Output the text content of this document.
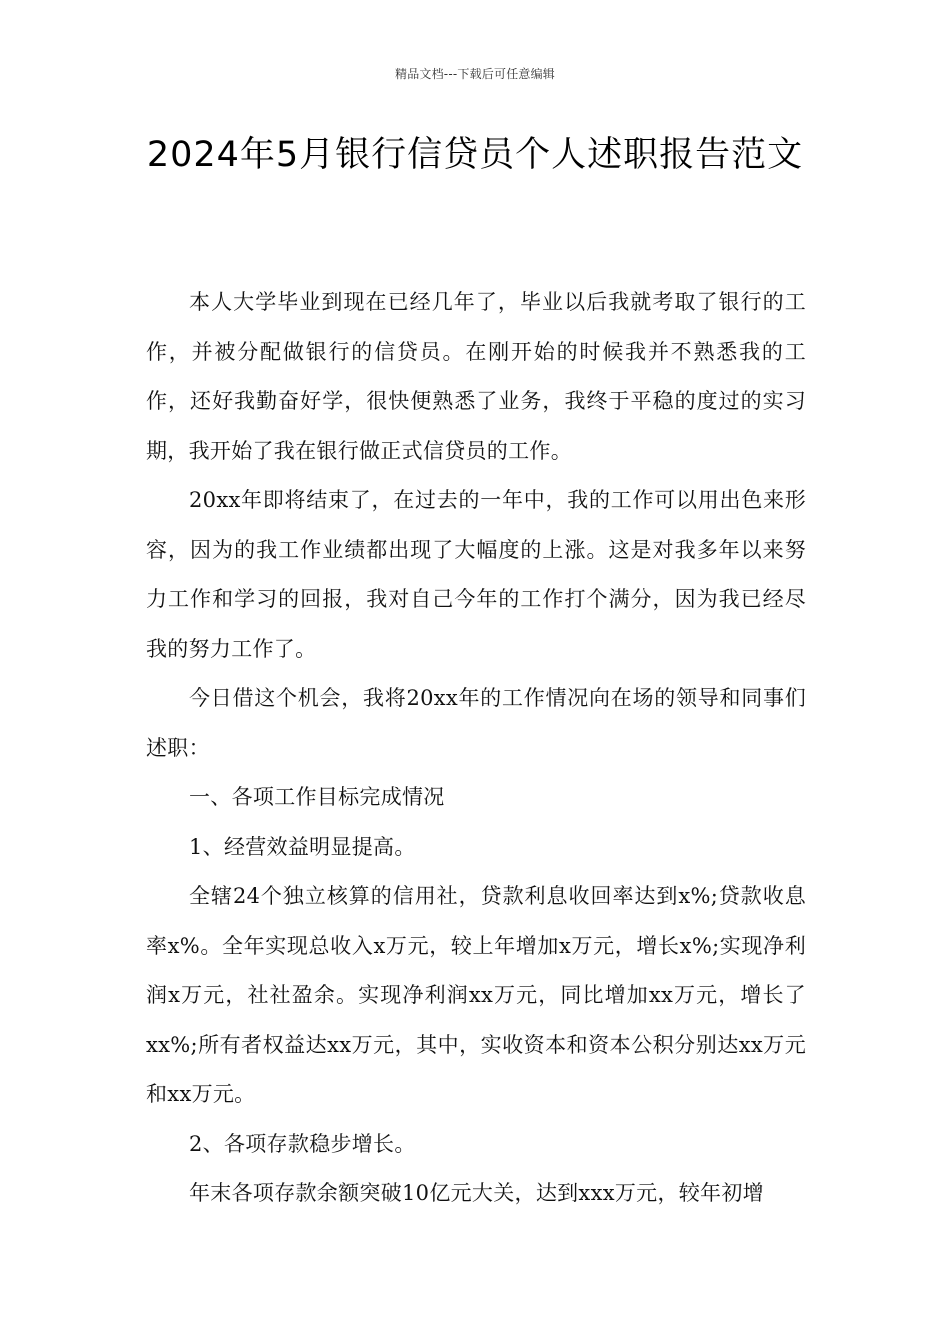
精品文档---下载后可任意编辑
2024年5月银行信贷员个人述职报告范文

本人大学毕业到现在已经几年了，毕业以后我就考取了银行的工作，并被分配做银行的信贷员。在刚开始的时候我并不熟悉我的工作，还好我勤奋好学，很快便熟悉了业务，我终于平稳的度过的实习期，我开始了我在银行做正式信贷员的工作。

20xx年即将结束了，在过去的一年中，我的工作可以用出色来形容，因为的我工作业绩都出现了大幅度的上涨。这是对我多年以来努力工作和学习的回报，我对自己今年的工作打个满分，因为我已经尽我的努力工作了。

今日借这个机会，我将20xx年的工作情况向在场的领导和同事们述职：

一、各项工作目标完成情况

1、经营效益明显提高。

全辖24个独立核算的信用社，贷款利息收回率达到x%;贷款收息率x%。全年实现总收入x万元，较上年增加x万元，增长x%;实现净利润x万元，社社盈余。实现净利润xx万元，同比增加xx万元，增长了xx%;所有者权益达xx万元，其中，实收资本和资本公积分别达xx万元和xx万元。

2、各项存款稳步增长。

年末各项存款余额突破10亿元大关，达到xxx万元，较年初增
